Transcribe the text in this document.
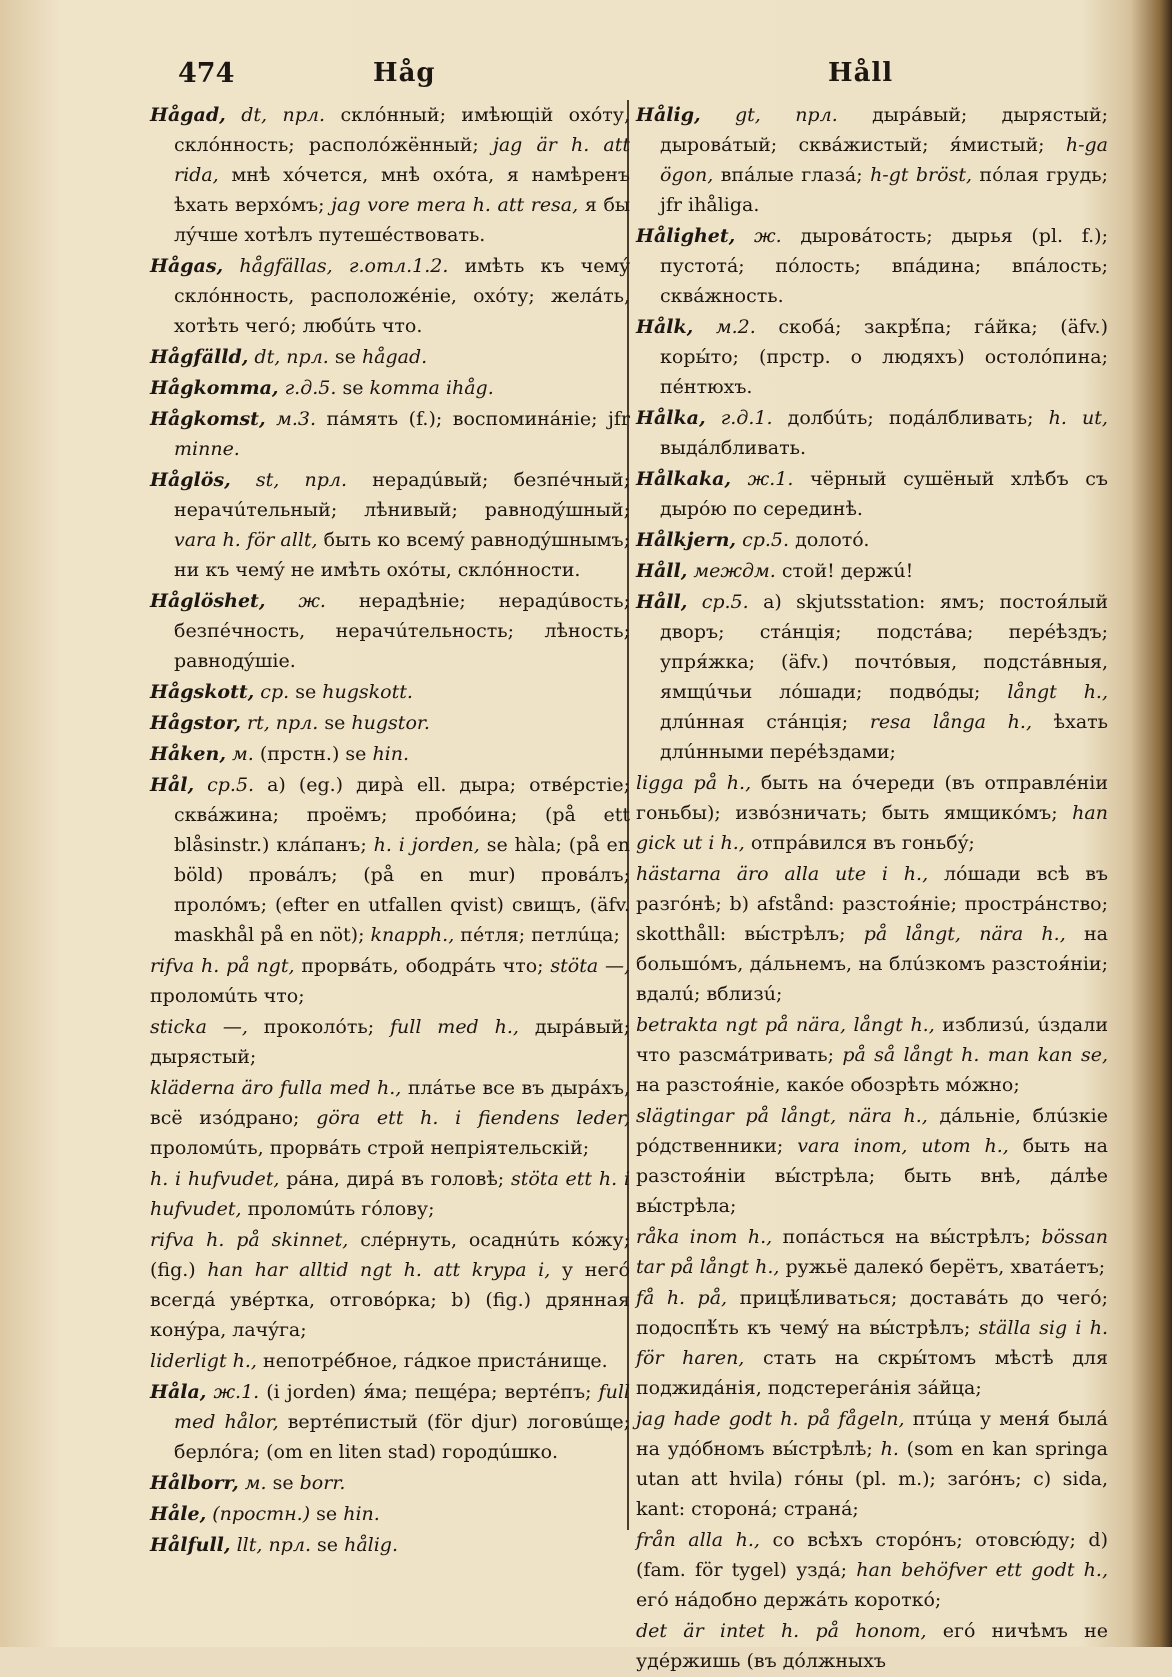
474	Håg	Håll
Hågad, dt, прл. склóнный; имѣющій охóту, склóнность; располóжённый; jag är h. att rida, мнѣ хóчется, мнѣ охóта, я намѣренъ ѣхать верхóмъ; jag vore mera h. att resa, я бы лýчше хотѣлъ путешéствовать.
Hågas, hågfällas, г.отл.1.2. имѣть къ чемý склóнность, расположéніе, охóту; желáть, хотѣть чегó; любúть что.
Hågfälld, dt, прл. se hågad.
Hågkomma, г.д.5. se komma ihåg.
Hågkomst, м.3. пáмять (f.); воспоминáніе; jfr minne.
Håglös, st, прл. нерадúвый; безпéчный; нерачúтельный; лѣнивый; равнодýшный; vara h. för allt, быть ко всемý равнодýшнымъ; ни къ чемý не имѣть охóты, склóнности.
Håglöshet, ж. нерадѣніе; нерадúвость; безпéчность, нерачúтельность; лѣность; равнодýшіе.
Hågskott, ср. se hugskott.
Hågstor, rt, прл. se hugstor.
Håken, м. (прстн.) se hin.
Hål, ср.5. a) (eg.) дирà ell. дыра; отвéрстіе; сквáжина; проёмъ; пробóина; (på ett blåsinstr.) клáпанъ; h. i jorden, se hàla; (på en böld) провáлъ; (på en mur) провáлъ; пролóмъ; (efter en utfallen qvist) свищъ, (äfv. maskhål på en nöt); knapph., пéтля; петлúца;
rifva h. på ngt, прорвáть, ободрáть что; stöta —, проломúть что;
sticka —, проколóть; full med h., дырáвый; дырястый;
kläderna äro fulla med h., плáтье все въ дырáхъ, всё изóдрано; göra ett h. i fiendens leder, проломúть, прорвáть строй непріятельскій;
h. i hufvudet, рáна, дирá въ головѣ; stöta ett h. i hufvudet, проломúть гóлову;
rifva h. på skinnet, слéрнуть, осаднúть кóжу; (fig.) han har alltid ngt h. att krypa i, у негó всегдá увéртка, отговóрка; b) (fig.) дрянная конýра, лачýга;
liderligt h., непотрéбное, гáдкое пристáнище.
Håla, ж.1. (i jorden) я́ма; пещéра; вертéпъ; full med hålor, вертéпистый (för djur) логовúще; берлóга; (om en liten stad) городúшко.
Hålborr, м. se borr.
Håle, (простн.) se hin.
Hålfull, llt, прл. se hålig.
Hålig, gt, прл. дырáвый; дырястый; дыровáтый; сквáжистый; я́мистый; h-ga ögon, впáлые глазá; h-gt bröst, пóлая грудь; jfr ihåliga.
Hålighet, ж. дыровáтость; дырья (pl. f.); пустотá; пóлость; впáдина; впáлость; сквáжность.
Hålk, м.2. скобá; закрѣ́па; гáйка; (äfv.) коры́то; (прстр. о людяхъ) остолóпина; пéнтюхъ.
Hålka, г.д.1. долбúть; подáлбливать; h. ut, выдáлбливать.
Hålkaka, ж.1. чёрный сушёный хлѣбъ съ дырóю по серединѣ.
Hålkjern, ср.5. долотó.
Håll, междм. стой! держú!
Håll, ср.5. a) skjutsstation: ямъ; постоя́лый дворъ; стáнція; подстáва; перéѣздъ; упря́жка; (äfv.) почтóвыя, подстáвныя, ямщúчьи лóшади; подвóды; långt h., длúнная стáнція; resa långa h., ѣхать длúнными перéѣздами;
ligga på h., быть на óчереди (въ отправлéніи гоньбы); извóзничать; быть ямщикóмъ; han gick ut i h., отпрáвился въ гоньбý;
hästarna äro alla ute i h., лóшади всѣ въ разгóнѣ; b) afstånd: разстоя́ніе; прострáнство; skotthåll: вы́стрѣлъ; på långt, nära h., на большóмъ, дáльнемъ, на блúзкомъ разстоя́ніи; вдалú; вблизú;
betrakta ngt på nära, långt h., изблизú, úздали что разсмáтривать; på så långt h. man kan se, на разстоя́ніе, какóе обозрѣть мóжно;
slägtingar på långt, nära h., дáльніе, блúзкіе рóдственники; vara inom, utom h., быть на разстоя́ніи вы́стрѣла; быть внѣ, дáлѣе вы́стрѣла;
råka inom h., попáсться на вы́стрѣлъ; bössan tar på långt h., ружьё далекó берётъ, хватáетъ;
få h. på, прицѣ́ливаться; доставáть до чегó; подоспѣ́ть къ чемý на вы́стрѣлъ; ställa sig i h. för haren, стать на скры́томъ мѣстѣ для поджидáнія, подстерегáнія зáйца;
jag hade godt h. på fågeln, птúца у меня́ былá на удóбномъ вы́стрѣлѣ; h. (som en kan springa utan att hvila) гóны (pl. m.); загóнъ; c) sida, kant: сторонá; странá;
från alla h., со всѣхъ сторóнъ; отовсю́ду; d) (fam. för tygel) уздá; han behöfver ett godt h., егó нáдобно держáть короткó;
det är intet h. på honom, егó ничѣмъ не удéржишь (въ дóлжныхъ
